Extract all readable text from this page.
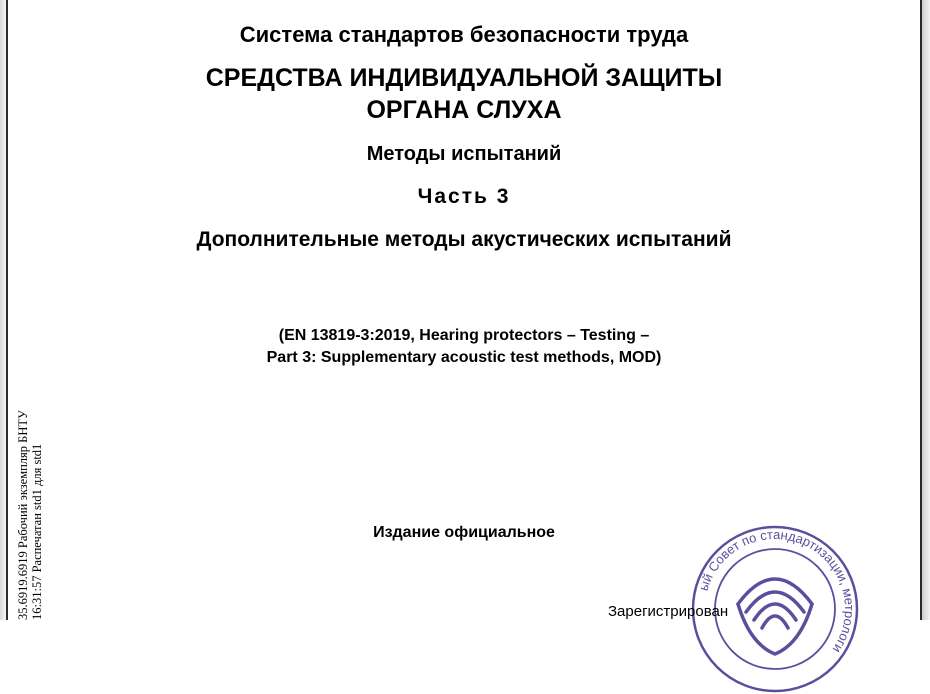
Система стандартов безопасности труда
СРЕДСТВА ИНДИВИДУАЛЬНОЙ ЗАЩИТЫ
ОРГАНА СЛУХА
Методы испытаний
Часть 3
Дополнительные методы акустических испытаний
(EN 13819-3:2019, Hearing protectors – Testing –
Part 3: Supplementary acoustic test methods, MOD)
Издание официальное
35.6919.6919 Рабочий экземпляр БНТУ 16:31:57 Распечатан std1 для std1	ый Совет по стандартизации, метрологи
Зарегистрирован
